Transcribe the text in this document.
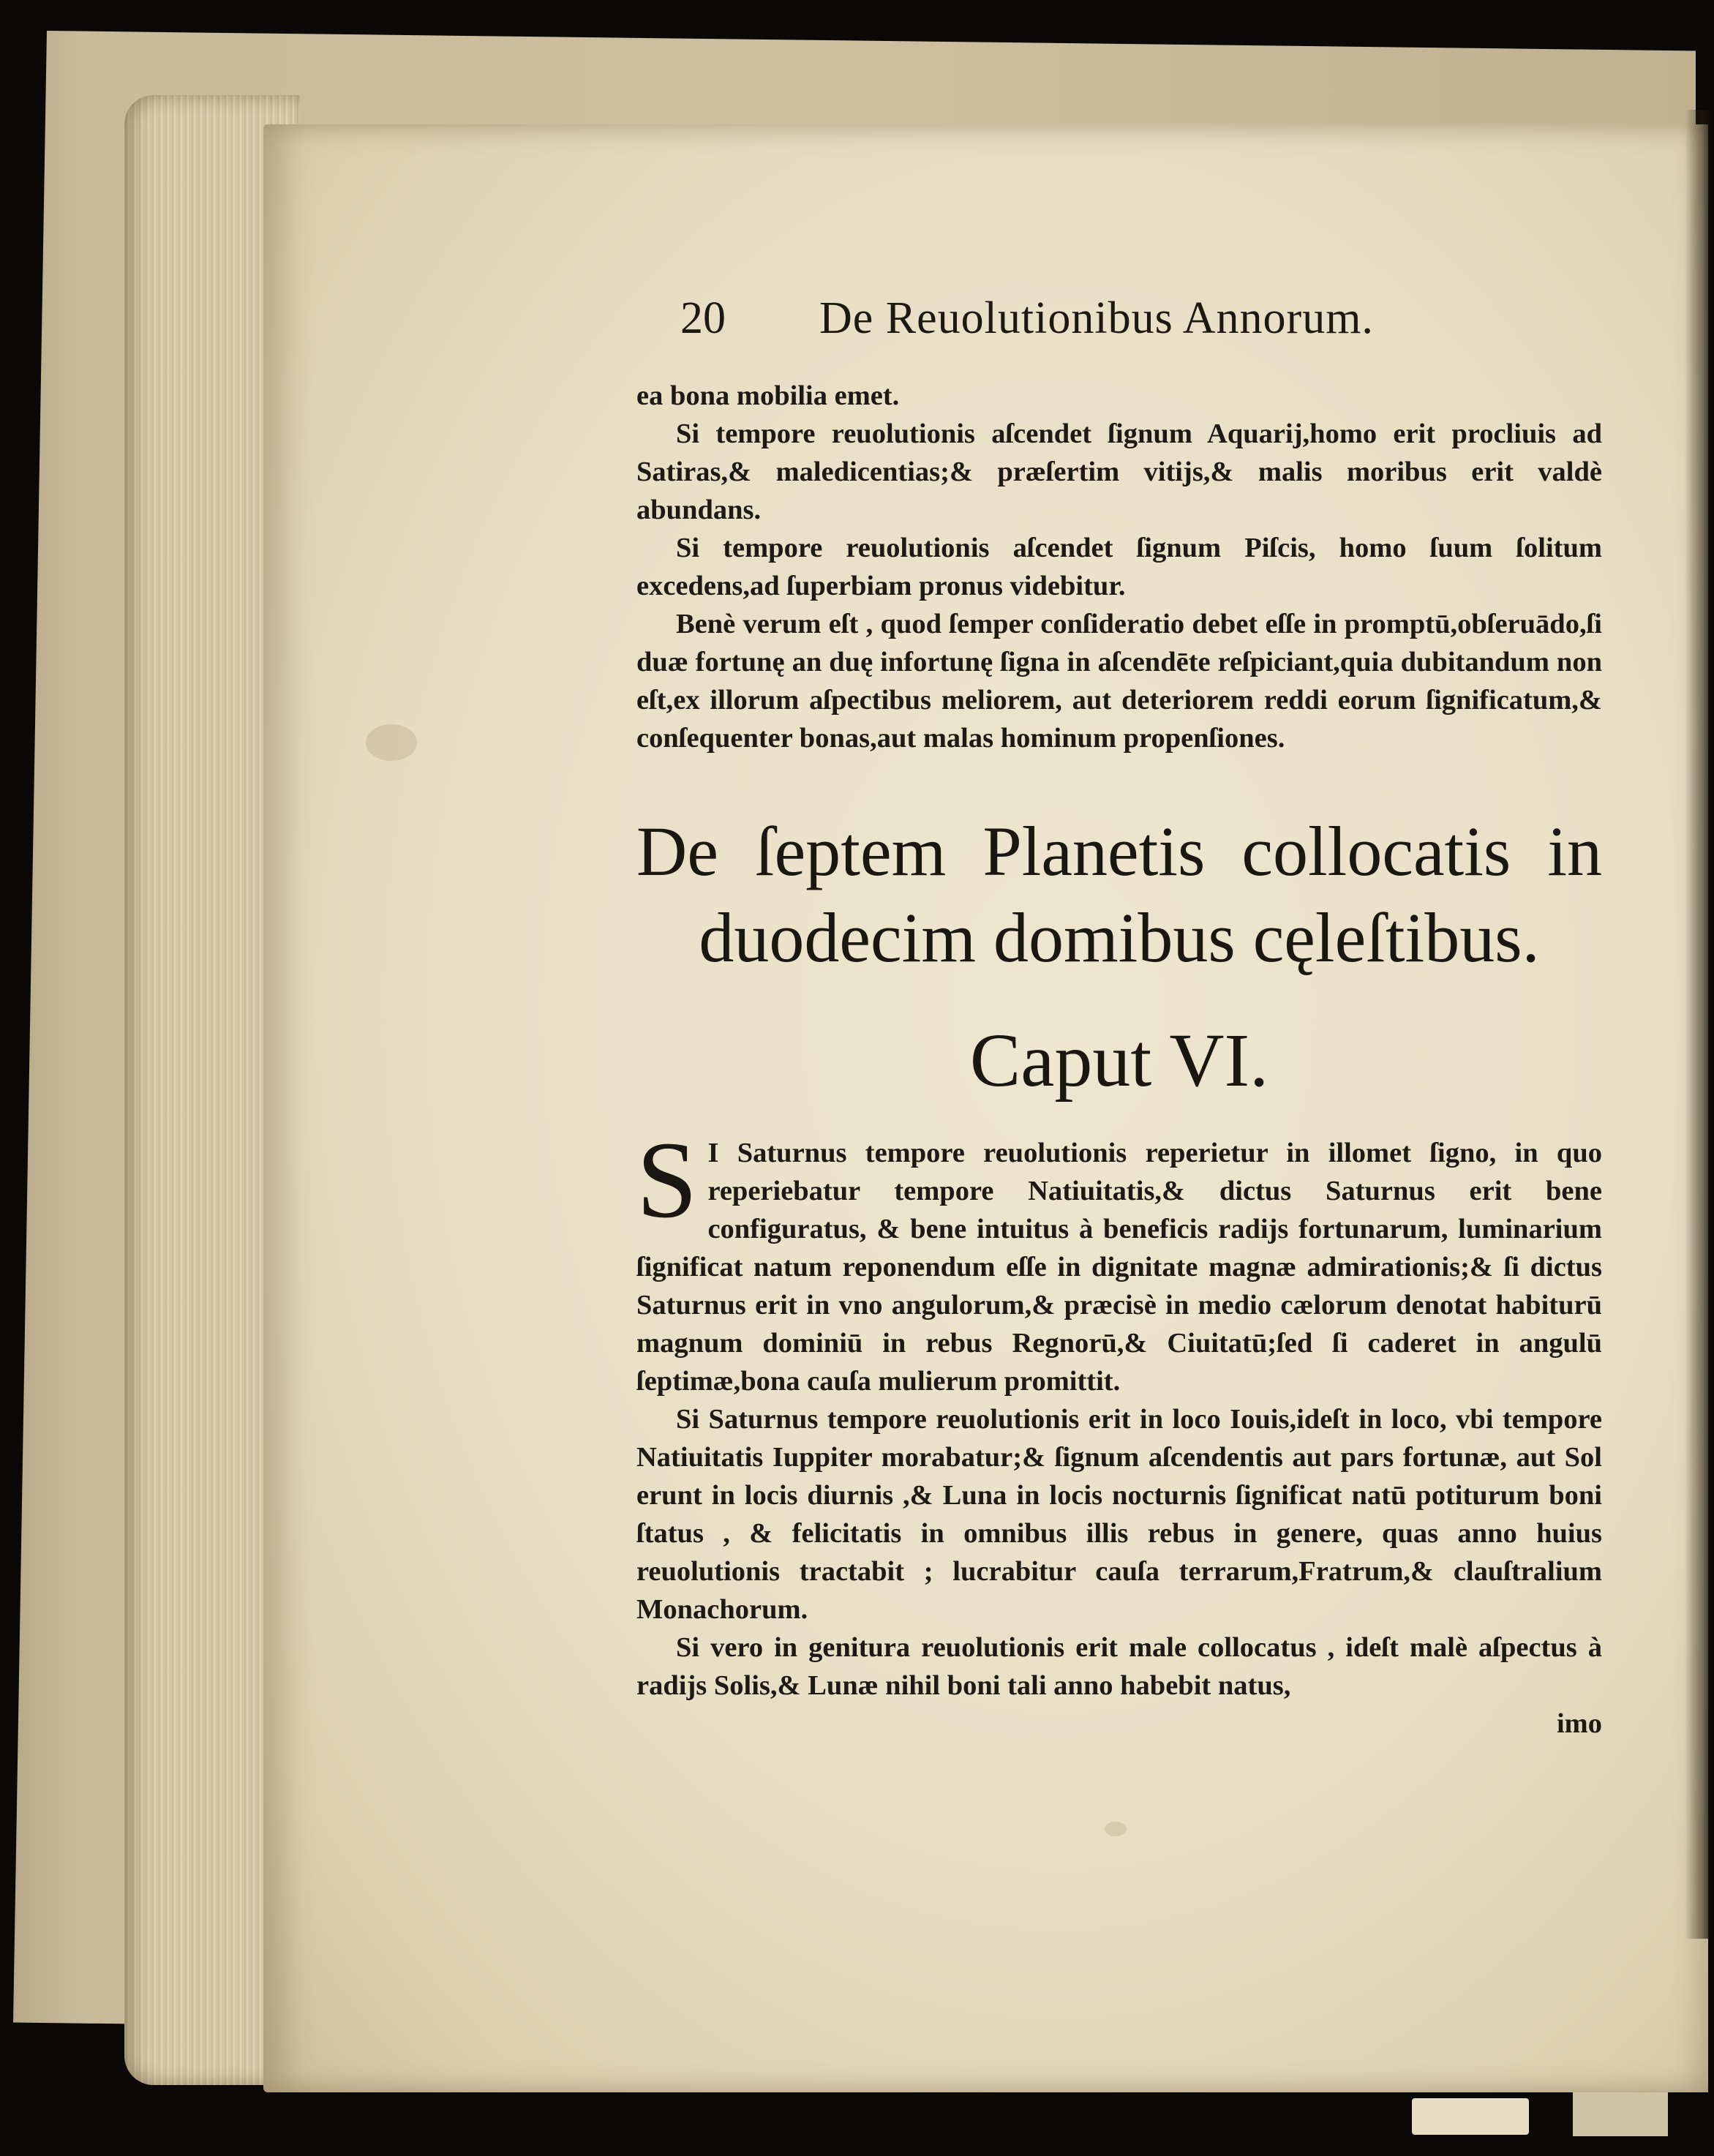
20 De Reuolutionibus Annorum.

ea bona mobilia emet.

Si tempore reuolutionis aſcendet ſignum Aquarij,homo erit procliuis ad Satiras,& maledicentias;& præſertim vitijs,& malis moribus erit valdè abundans.

Si tempore reuolutionis aſcendet ſignum Piſcis, homo ſuum ſolitum excedens,ad ſuperbiam pronus videbitur.

Benè verum eſt , quod ſemper conſideratio debet eſſe in promptū,obſeruādo,ſi duæ fortunę an duę infortunę ſigna in aſcendēte reſpiciant,quia dubitandum non eſt,ex illorum aſpectibus meliorem, aut deteriorem reddi eorum ſignificatum,& conſequenter bonas,aut malas hominum propenſiones.

De ſeptem Planetis collocatis in
duodecim domibus cęleſtibus.
Caput VI.
S I Saturnus tempore reuolutionis reperietur in illomet ſigno, in quo reperiebatur tempore Natiuitatis,& dictus Saturnus erit bene configuratus, & bene intuitus à beneficis radijs fortunarum, luminarium ſignificat natum reponendum eſſe in dignitate magnæ admirationis;& ſi dictus Saturnus erit in vno angulorum,& præcisè in medio cælorum denotat habiturū magnum dominiū in rebus Regnorū,& Ciuitatū;ſed ſi caderet in angulū ſeptimæ,bona cauſa mulierum promittit.

Si Saturnus tempore reuolutionis erit in loco Iouis,ideſt in loco, vbi tempore Natiuitatis Iuppiter morabatur;& ſignum aſcendentis aut pars fortunæ, aut Sol erunt in locis diurnis ,& Luna in locis nocturnis ſignificat natū potiturum boni ſtatus , & felicitatis in omnibus illis rebus in genere, quas anno huius reuolutionis tractabit ; lucrabitur cauſa terrarum,Fratrum,& clauſtralium Monachorum.

Si vero in genitura reuolutionis erit male collocatus , ideſt malè aſpectus à radijs Solis,& Lunæ nihil boni tali anno habebit natus,

imo
